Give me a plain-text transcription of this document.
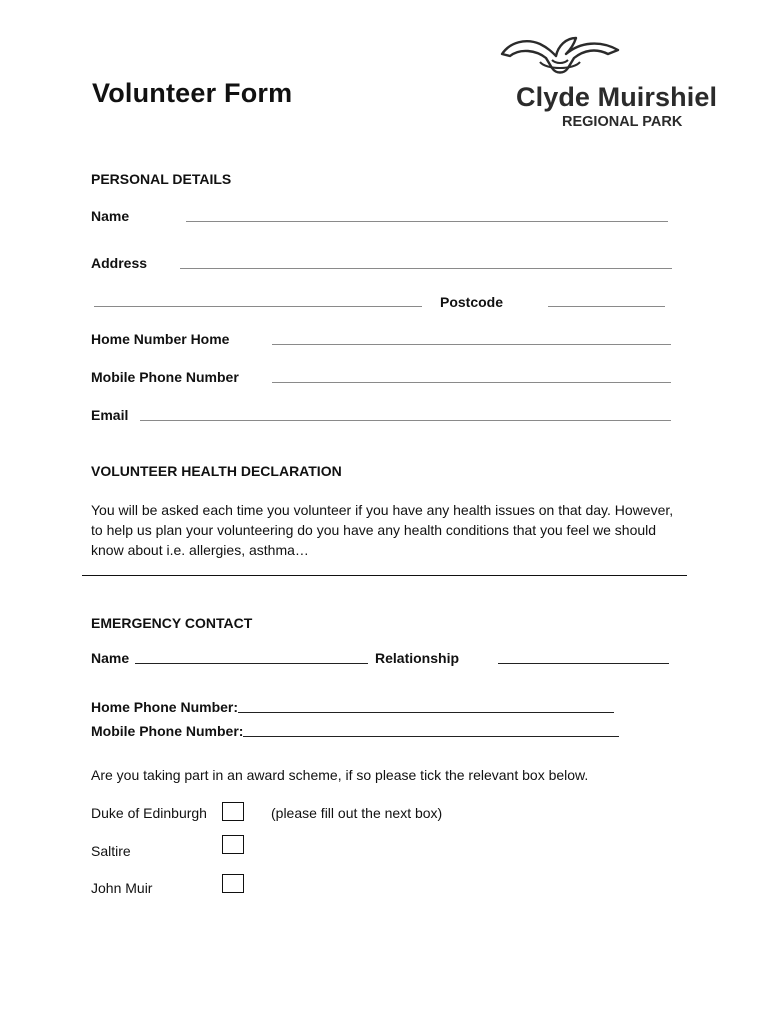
Volunteer Form	Clyde Muirshiel
REGIONAL PARK
PERSONAL DETAILS
Name
Address
Postcode
Home Number Home
Mobile Phone Number
Email
VOLUNTEER HEALTH DECLARATION
You will be asked each time you volunteer if you have any health issues on that day. However,
to help us plan your volunteering do you have any health conditions that you feel we should
know about i.e. allergies, asthma…
EMERGENCY CONTACT
Name	Relationship
Home Phone Number:
Mobile Phone Number:
Are you taking part in an award scheme, if so please tick the relevant box below.
Duke of Edinburgh	(please fill out the next box)
Saltire
John Muir
